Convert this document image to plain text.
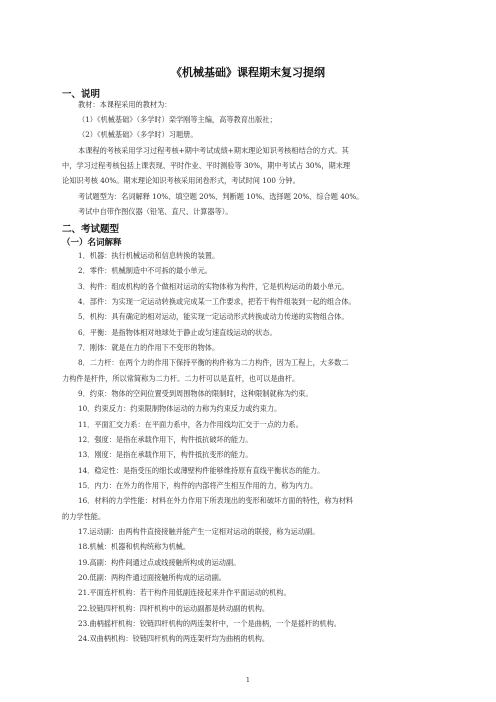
《机械基础》课程期末复习提纲
一、说明
教材：本课程采用的教材为：
（1）《机械基础》（多学时）栾学刚等主编，高等教育出版社；
（2）《机械基础》（多学时）习题册。
本课程的考核采用学习过程考核+期中考试成绩+期末理论知识考核相结合的方式。其
中，学习过程考核包括上课表现、平时作业、平时测验等 30%，期中考试占 30%，期末理
论知识考核 40%。期末理论知识考核采用闭卷形式，考试时间 100 分钟。
考试题型为：名词解释 10%、填空题 20%、判断题 10%、选择题 20%、综合题 40%。
考试中自带作图仪器（铅笔、直尺、计算器等）。
二、考试题型
（一）名词解释
1．机器：执行机械运动和信息转换的装置。
2．零件：机械制造中不可拆的最小单元。
3．构件：组成机构的各个做相对运动的实物体称为构件，它是机构运动的最小单元。
4．部件：为实现一定运动转换或完成某一工作要求，把若干构件组装到一起的组合体。
5．机构：具有确定的相对运动，能实现一定运动形式转换或动力传递的实物组合体。
6．平衡：是指物体相对地球处于静止或匀速直线运动的状态。
7．刚体：就是在力的作用下不变形的物体。
8．二力杆：在两个力的作用下保持平衡的构件称为二力构件，因为工程上，大多数二
力构件是杆件，所以常简称为二力杆。二力杆可以是直杆，也可以是曲杆。
9．约束：物体的空间位置受到周围物体的限制时，这种限制就称为约束。
10．约束反力：约束限制物体运动的力称为约束反力或约束力。
11．平面汇交力系：在平面力系中，各力作用线均汇交于一点的力系。
12．强度：是指在承载作用下，构件抵抗破坏的能力。
13．刚度：是指在承载作用下，构件抵抗变形的能力。
14．稳定性：是指受压的细长或薄壁构件能够维持原有直线平衡状态的能力。
15．内力：在外力的作用下，构件的内部将产生相互作用的力，称为内力。
16．材料的力学性能：材料在外力作用下所表现出的变形和破坏方面的特性，称为材料
的力学性能。
17.运动副：由两构件直接接触并能产生一定相对运动的联接，称为运动副。
18.机械：机器和机构统称为机械。
19.高副：构件间通过点或线接触所构成的运动副。
20.低副：两构件通过面接触所构成的运动副。
21.平面连杆机构：若干构件用低副连接起来并作平面运动的机构。
22.铰链四杆机构：四杆机构中的运动副都是转动副的机构。
23.曲柄摇杆机构：铰链四杆机构的两连架杆中，一个是曲柄，一个是摇杆的机构。
24.双曲柄机构：铰链四杆机构的两连架杆均为曲柄的机构。
1
